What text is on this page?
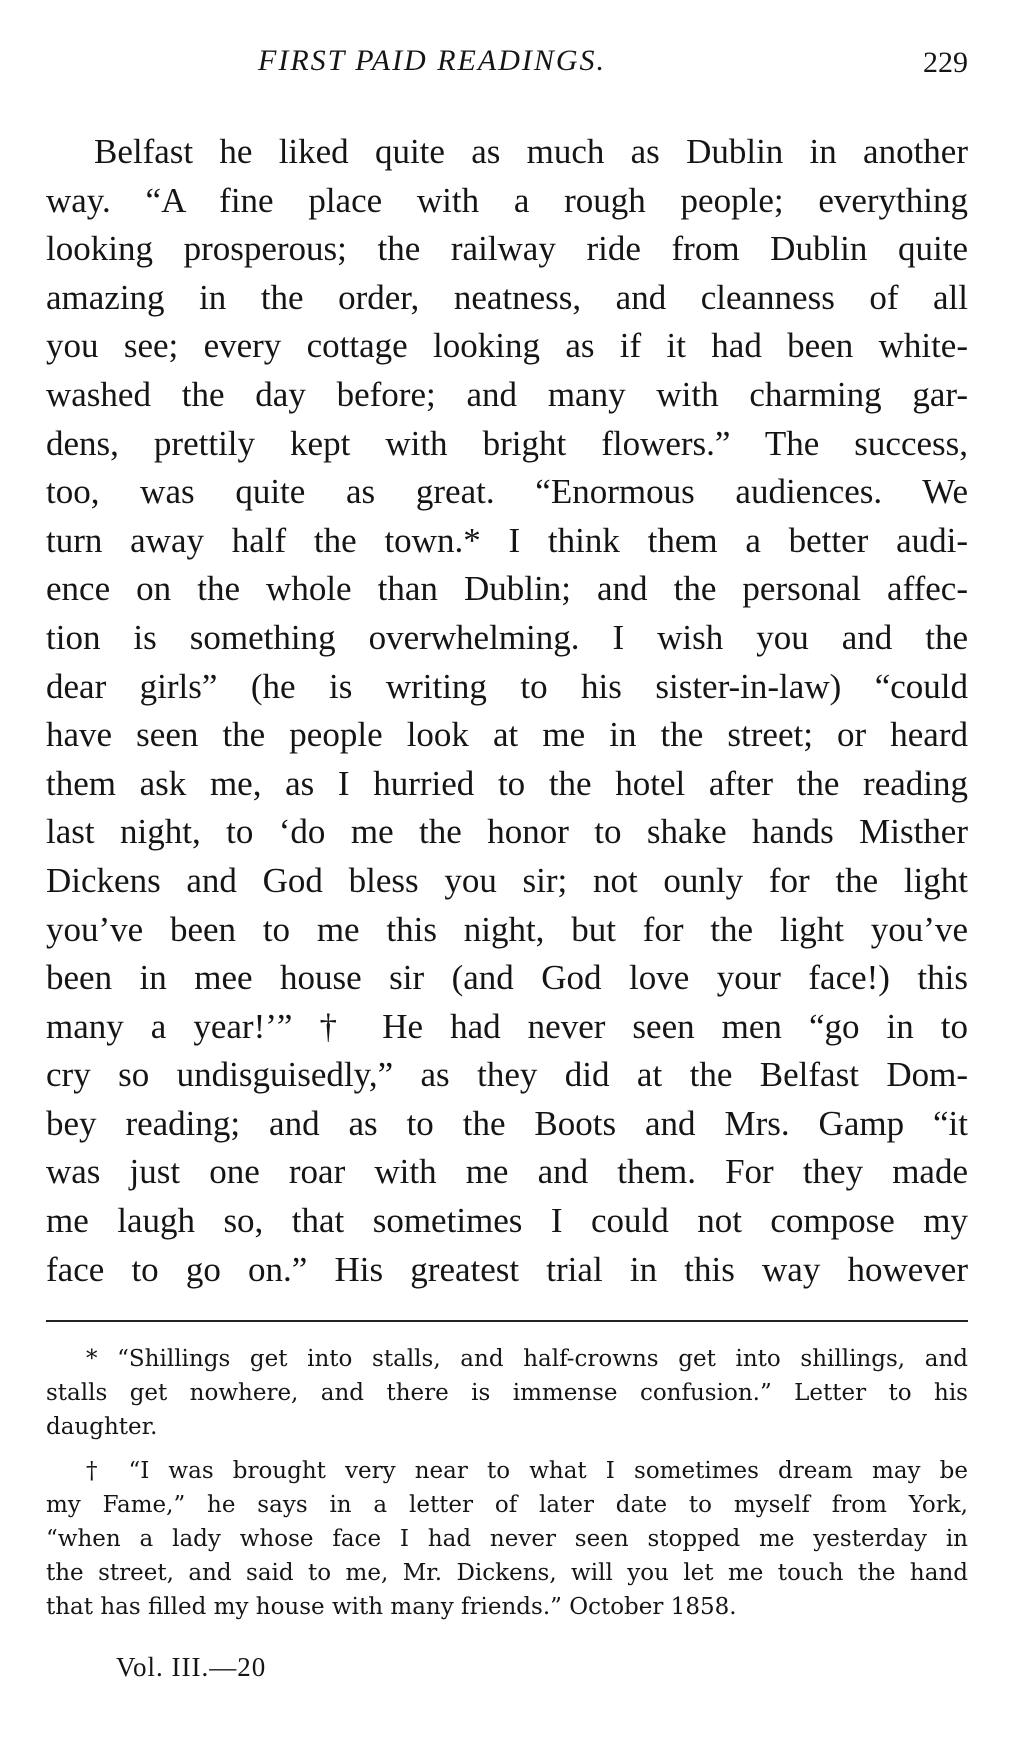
FIRST PAID READINGS.	229
Belfast he liked quite as much as Dublin in another
way. “A fine place with a rough people; everything
looking prosperous; the railway ride from Dublin quite
amazing in the order, neatness, and cleanness of all
you see; every cottage looking as if it had been white-
washed the day before; and many with charming gar-
dens, prettily kept with bright flowers.” The success,
too, was quite as great. “Enormous audiences. We
turn away half the town.* I think them a better audi-
ence on the whole than Dublin; and the personal affec-
tion is something overwhelming. I wish you and the
dear girls” (he is writing to his sister-in-law) “could
have seen the people look at me in the street; or heard
them ask me, as I hurried to the hotel after the reading
last night, to ‘do me the honor to shake hands Misther
Dickens and God bless you sir; not ounly for the light
you’ve been to me this night, but for the light you’ve
been in mee house sir (and God love your face!) this
many a year!’” † He had never seen men “go in to
cry so undisguisedly,” as they did at the Belfast Dom-
bey reading; and as to the Boots and Mrs. Gamp “it
was just one roar with me and them. For they made
me laugh so, that sometimes I could not compose my
face to go on.” His greatest trial in this way however
* “Shillings get into stalls, and half-crowns get into shillings, and
stalls get nowhere, and there is immense confusion.” Letter to his
daughter.
† “I was brought very near to what I sometimes dream may be
my Fame,” he says in a letter of later date to myself from York,
“when a lady whose face I had never seen stopped me yesterday in
the street, and said to me, Mr. Dickens, will you let me touch the hand
that has filled my house with many friends.” October 1858.
Vol. III.—20
